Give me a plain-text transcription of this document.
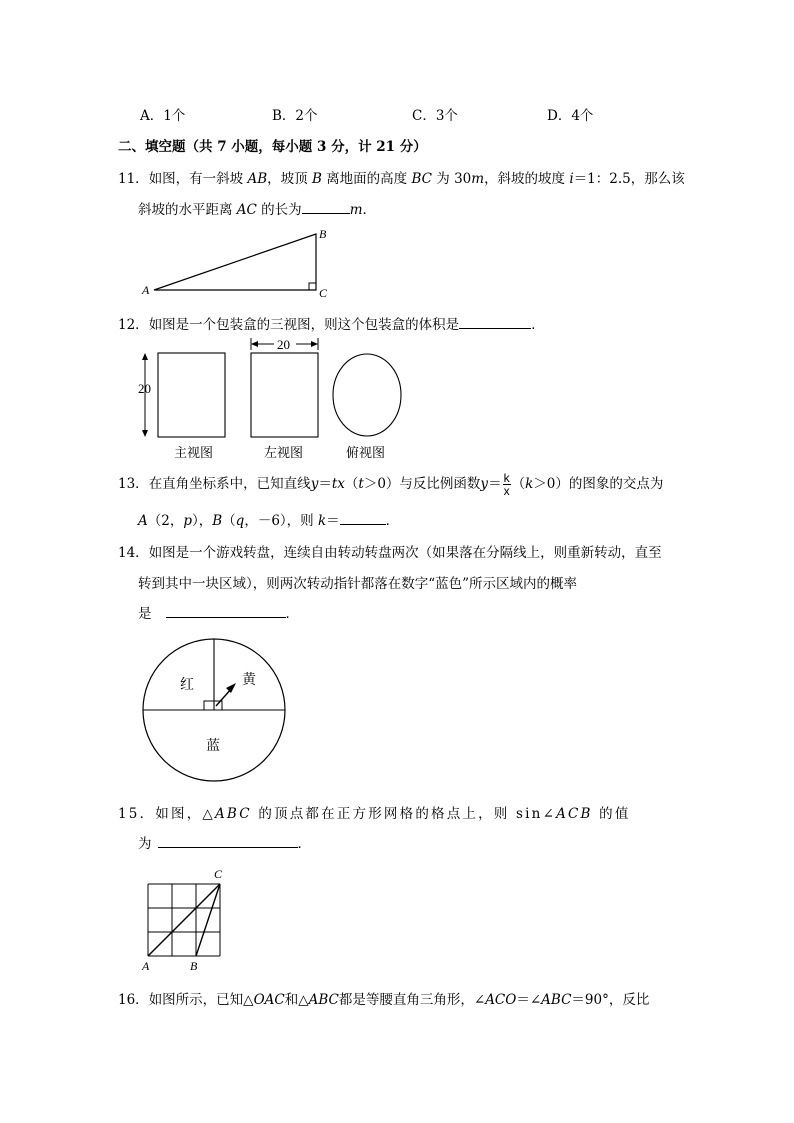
A．1个	B．2个	C．3个	D．4个
二、填空题（共 7 小题，每小题 3 分，计 21 分）
11．如图，有一斜坡 AB，坡顶 B 离地面的高度 BC 为 30m，斜坡的坡度 i＝1：2.5，那么该
斜坡的水平距离 AC 的长为	m．
A
B
C
12．如图是一个包装盒的三视图，则这个包装盒的体积是	．
20
20
主视图	左视图	俯视图
13．在直角坐标系中，已知直线y＝tx（t＞0）与反比例函数$y= \frac{k}{x} (k>0)$的图象的交点为
A（2，p），B（q，－6），则 k＝	．
14．如图是一个游戏转盘，连续自由转动转盘两次（如果落在分隔线上，则重新转动，直至
转到其中一块区域），则两次转动指针都落在数字“蓝色”所示区域内的概率
是	．
红	黄
蓝
15．如图，△ABC 的顶点都在正方形网格的格点上，则 sin∠ACB 的值
为	．
A	B
C
16．如图所示，已知△OAC和△ABC都是等腰直角三角形，∠ACO＝∠ABC＝90°，反比
